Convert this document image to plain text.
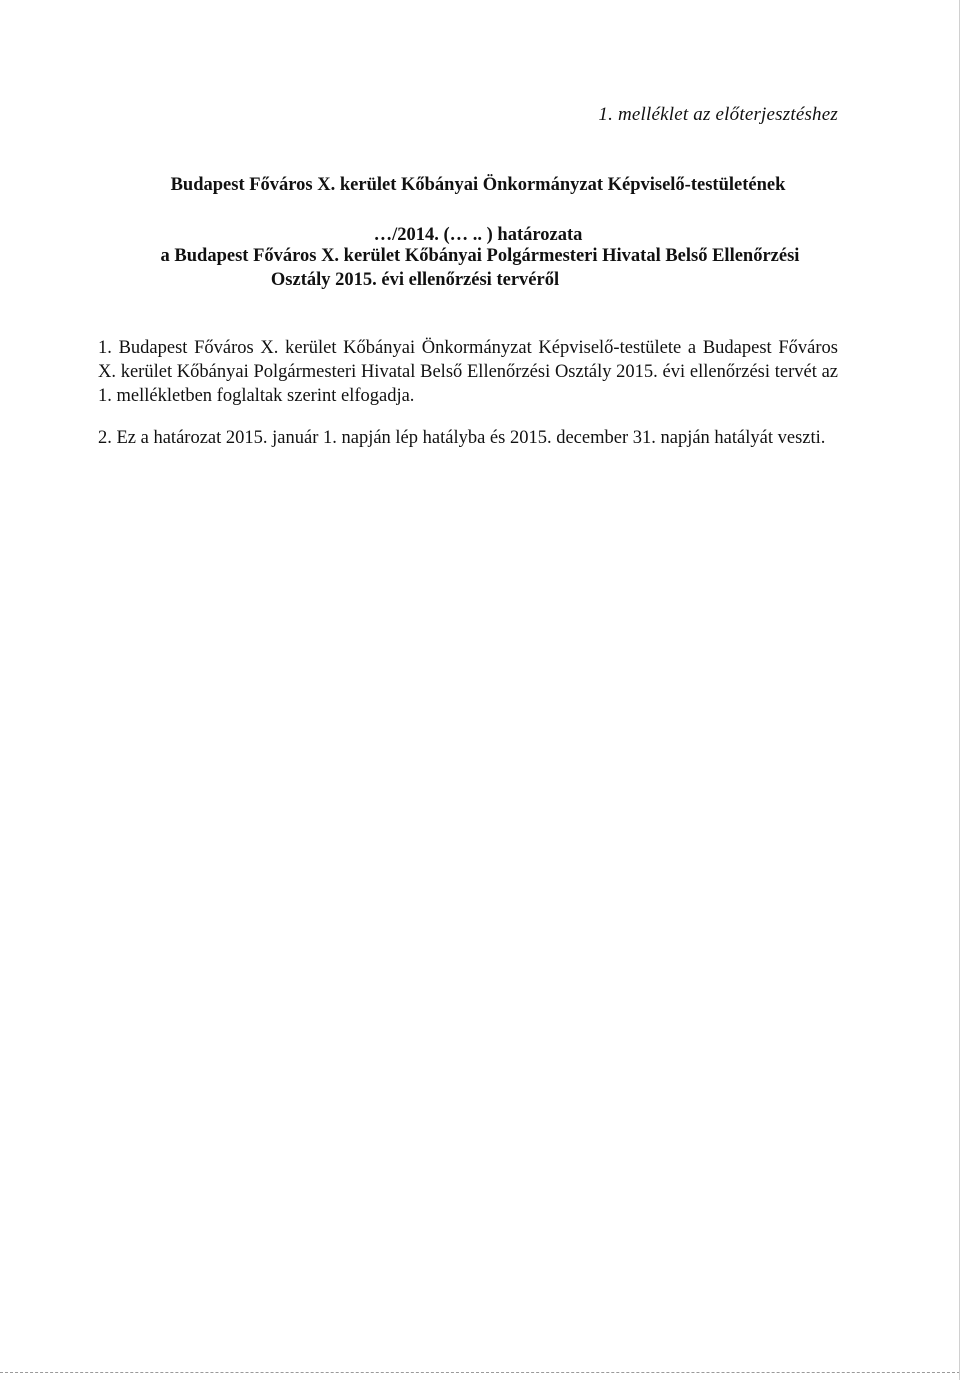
1. melléklet az előterjesztéshez
Budapest Főváros X. kerület Kőbányai Önkormányzat Képviselő-testületének
…/2014. (… .. ) határozata
a Budapest Főváros X. kerület Kőbányai Polgármesteri Hivatal Belső Ellenőrzési
Osztály 2015. évi ellenőrzési tervéről
1. Budapest Főváros X. kerület Kőbányai Önkormányzat Képviselő-testülete a Budapest Főváros X. kerület Kőbányai Polgármesteri Hivatal Belső Ellenőrzési Osztály 2015. évi ellenőrzési tervét az 1. mellékletben foglaltak szerint elfogadja.
2. Ez a határozat 2015. január 1. napján lép hatályba és 2015. december 31. napján hatályát veszti.
